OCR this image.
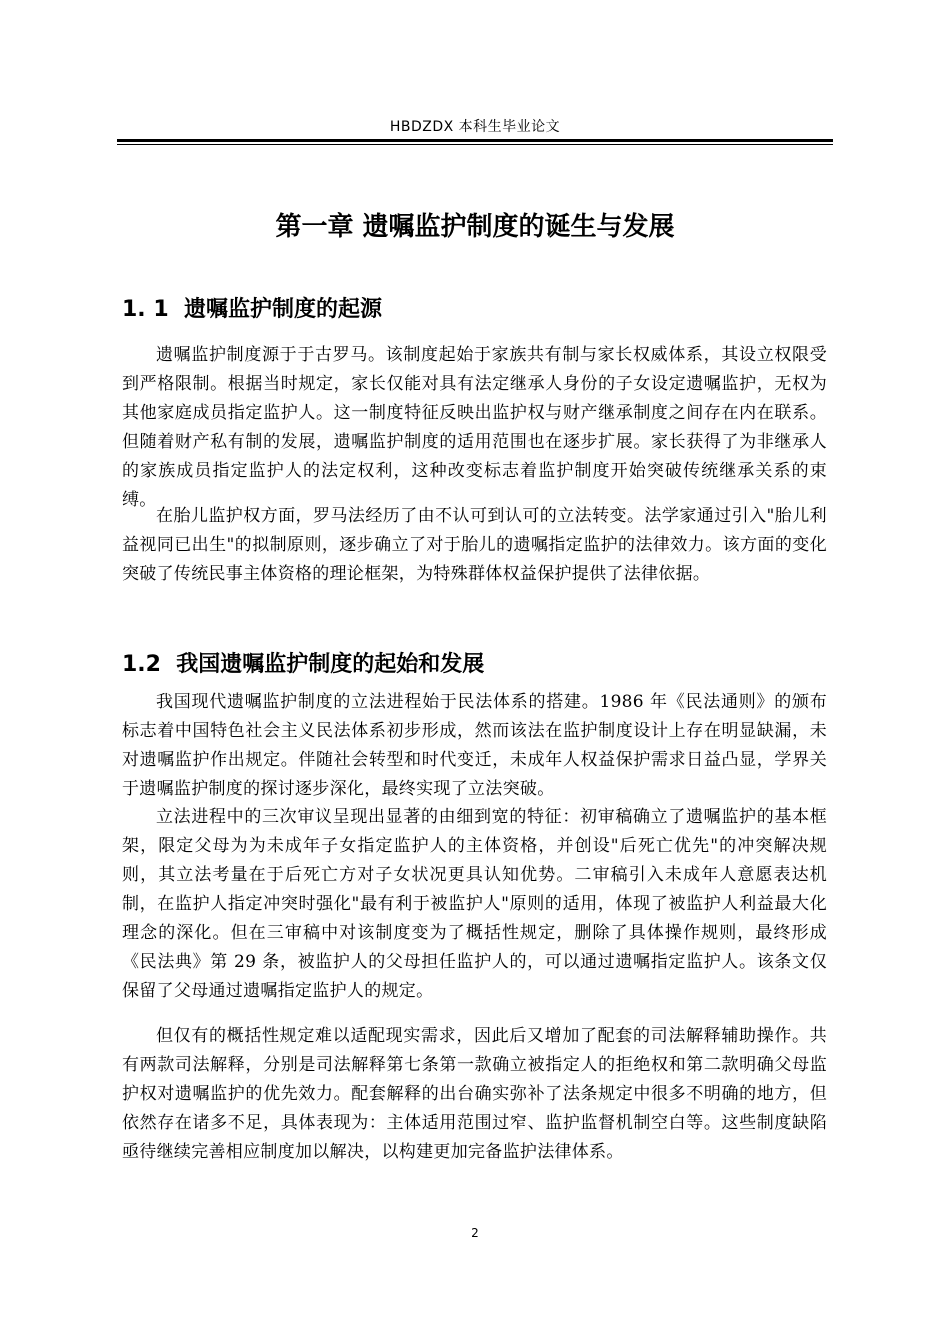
HBDZDX 本科生毕业论文
第一章 遗嘱监护制度的诞生与发展
1. 1  遗嘱监护制度的起源

遗嘱监护制度源于于古罗马。该制度起始于家族共有制与家长权威体系，其设立权限受到严格限制。根据当时规定，家长仅能对具有法定继承人身份的子女设定遗嘱监护，无权为其他家庭成员指定监护人。这一制度特征反映出监护权与财产继承制度之间存在内在联系。但随着财产私有制的发展，遗嘱监护制度的适用范围也在逐步扩展。家长获得了为非继承人的家族成员指定监护人的法定权利，这种改变标志着监护制度开始突破传统继承关系的束缚。

在胎儿监护权方面，罗马法经历了由不认可到认可的立法转变。法学家通过引入"胎儿利益视同已出生"的拟制原则，逐步确立了对于胎儿的遗嘱指定监护的法律效力。该方面的变化突破了传统民事主体资格的理论框架，为特殊群体权益保护提供了法律依据。

1.2  我国遗嘱监护制度的起始和发展

我国现代遗嘱监护制度的立法进程始于民法体系的搭建。1986 年《民法通则》的颁布标志着中国特色社会主义民法体系初步形成，然而该法在监护制度设计上存在明显缺漏，未对遗嘱监护作出规定。伴随社会转型和时代变迁，未成年人权益保护需求日益凸显，学界关于遗嘱监护制度的探讨逐步深化，最终实现了立法突破。

立法进程中的三次审议呈现出显著的由细到宽的特征：初审稿确立了遗嘱监护的基本框架，限定父母为为未成年子女指定监护人的主体资格，并创设"后死亡优先"的冲突解决规则，其立法考量在于后死亡方对子女状况更具认知优势。二审稿引入未成年人意愿表达机制，在监护人指定冲突时强化"最有利于被监护人"原则的适用，体现了被监护人利益最大化理念的深化。但在三审稿中对该制度变为了概括性规定，删除了具体操作规则，最终形成《民法典》第 29 条，被监护人的父母担任监护人的，可以通过遗嘱指定监护人。该条文仅保留了父母通过遗嘱指定监护人的规定。

但仅有的概括性规定难以适配现实需求，因此后又增加了配套的司法解释辅助操作。共有两款司法解释，分别是司法解释第七条第一款确立被指定人的拒绝权和第二款明确父母监护权对遗嘱监护的优先效力。配套解释的出台确实弥补了法条规定中很多不明确的地方，但依然存在诸多不足，具体表现为：主体适用范围过窄、监护监督机制空白等。这些制度缺陷亟待继续完善相应制度加以解决，以构建更加完备监护法律体系。

2
